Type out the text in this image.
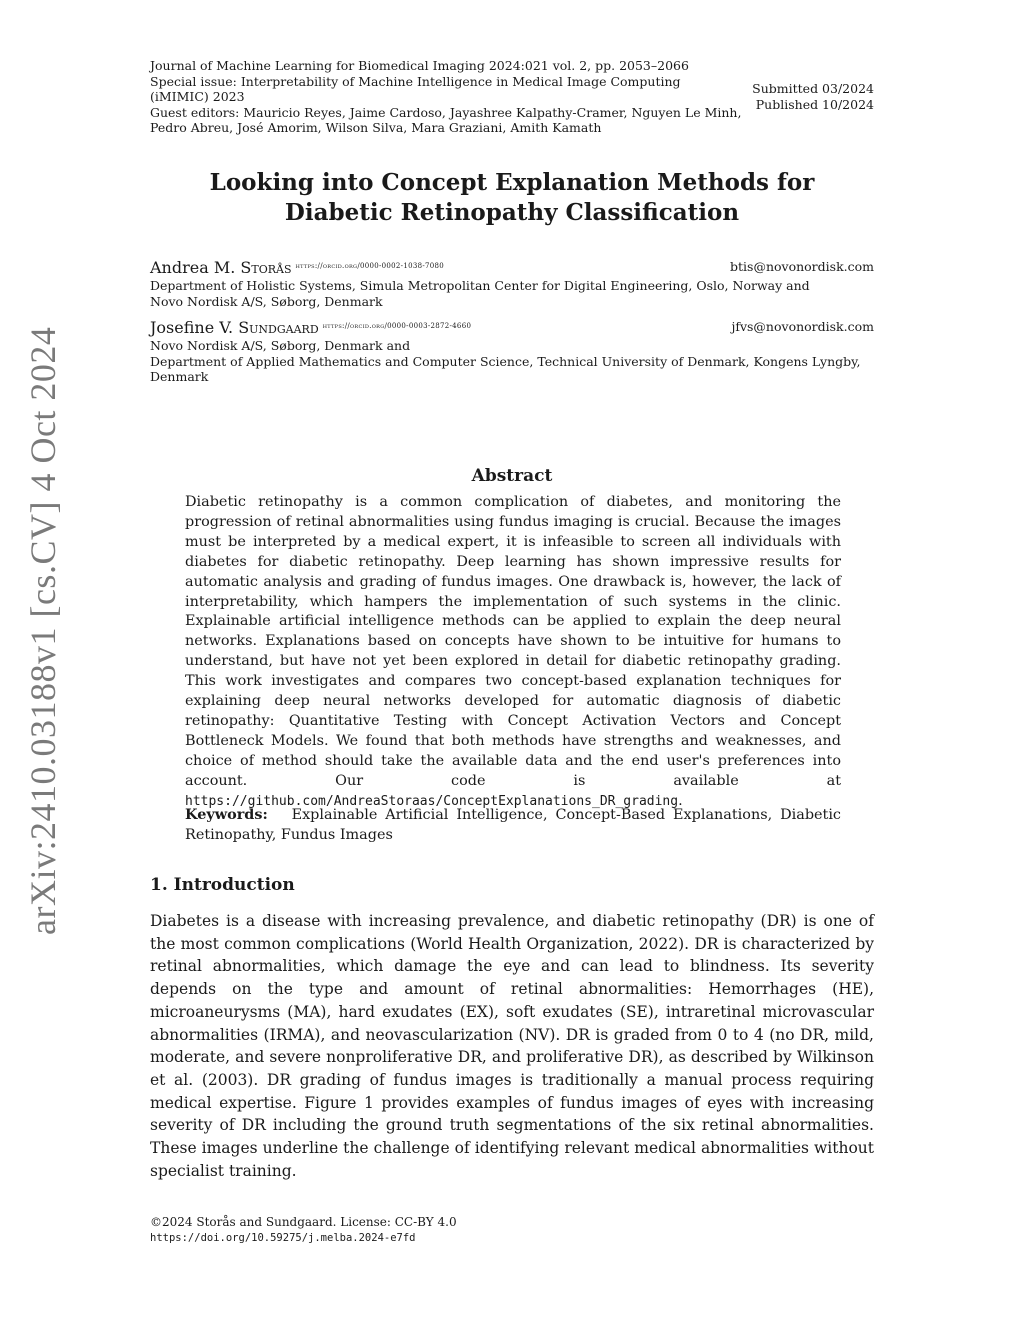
arXiv:2410.03188v1 [cs.CV] 4 Oct 2024
Journal of Machine Learning for Biomedical Imaging 2024:021 vol. 2, pp. 2053–2066
Special issue: Interpretability of Machine Intelligence in Medical Image Computing
(iMIMIC) 2023
Guest editors: Mauricio Reyes, Jaime Cardoso, Jayashree Kalpathy-Cramer, Nguyen Le Minh,
Pedro Abreu, José Amorim, Wilson Silva, Mara Graziani, Amith Kamath
Submitted 03/2024
Published 10/2024
Looking into Concept Explanation Methods for
Diabetic Retinopathy Classification
Andrea M. Storås $^{https://orcid.org/0000-0002-1038-7080}$	btis@novonordisk.com
Department of Holistic Systems, Simula Metropolitan Center for Digital Engineering, Oslo, Norway and
Novo Nordisk A/S, Søborg, Denmark
Josefine V. Sundgaard $^{https://orcid.org/0000-0003-2872-4660}$	jfvs@novonordisk.com
Novo Nordisk A/S, Søborg, Denmark and
Department of Applied Mathematics and Computer Science, Technical University of Denmark, Kongens Lyngby,
Denmark
Abstract
Diabetic retinopathy is a common complication of diabetes, and monitoring the progression of retinal abnormalities using fundus imaging is crucial. Because the images must be interpreted by a medical expert, it is infeasible to screen all individuals with diabetes for diabetic retinopathy. Deep learning has shown impressive results for automatic analysis and grading of fundus images. One drawback is, however, the lack of interpretability, which hampers the implementation of such systems in the clinic. Explainable artificial intelligence methods can be applied to explain the deep neural networks. Explanations based on concepts have shown to be intuitive for humans to understand, but have not yet been explored in detail for diabetic retinopathy grading. This work investigates and compares two concept-based explanation techniques for explaining deep neural networks developed for automatic diagnosis of diabetic retinopathy: Quantitative Testing with Concept Activation Vectors and Concept Bottleneck Models. We found that both methods have strengths and weaknesses, and choice of method should take the available data and the end user's preferences into account. Our code is available at https://github.com/AndreaStoraas/ConceptExplanations_DR_grading.
Keywords: Explainable Artificial Intelligence, Concept-Based Explanations, Diabetic Retinopathy, Fundus Images
1. Introduction
Diabetes is a disease with increasing prevalence, and diabetic retinopathy (DR) is one of the most common complications (World Health Organization, 2022). DR is characterized by retinal abnormalities, which damage the eye and can lead to blindness. Its severity depends on the type and amount of retinal abnormalities: Hemorrhages (HE), microaneurysms (MA), hard exudates (EX), soft exudates (SE), intraretinal microvascular abnormalities (IRMA), and neovascularization (NV). DR is graded from 0 to 4 (no DR, mild, moderate, and severe nonproliferative DR, and proliferative DR), as described by Wilkinson et al. (2003). DR grading of fundus images is traditionally a manual process requiring medical expertise. Figure 1 provides examples of fundus images of eyes with increasing severity of DR including the ground truth segmentations of the six retinal abnormalities. These images underline the challenge of identifying relevant medical abnormalities without specialist training.
©2024 Storås and Sundgaard. License: CC-BY 4.0
https://doi.org/10.59275/j.melba.2024-e7fd
